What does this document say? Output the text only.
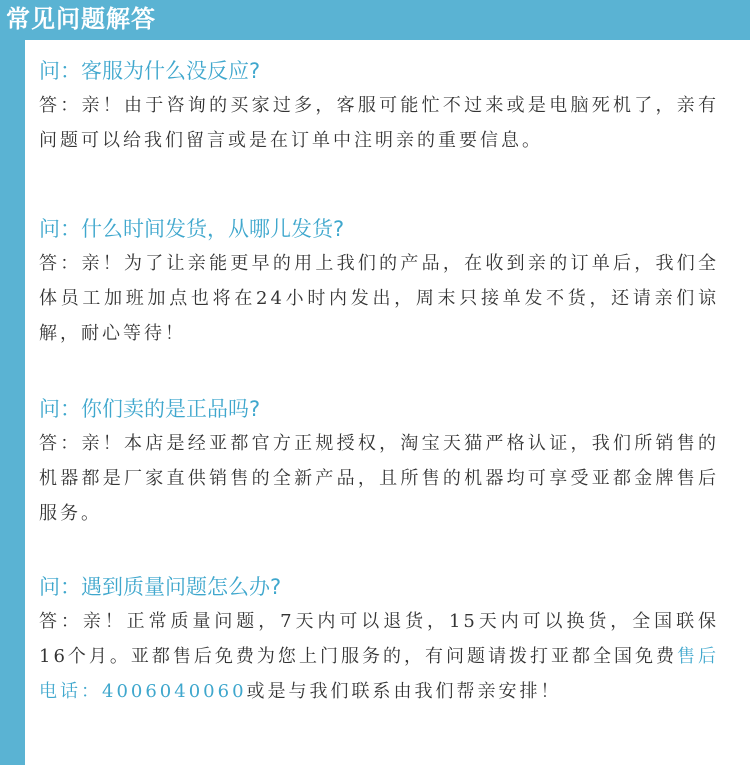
常见问题解答
问：客服为什么没反应?
答：亲！由于咨询的买家过多，客服可能忙不过来或是电脑死机了，亲有问题可以给我们留言或是在订单中注明亲的重要信息。
问：什么时间发货，从哪儿发货?
答：亲！为了让亲能更早的用上我们的产品，在收到亲的订单后，我们全体员工加班加点也将在24小时内发出，周末只接单发不货，还请亲们谅解，耐心等待！
问：你们卖的是正品吗?
答：亲！本店是经亚都官方正规授权，淘宝天猫严格认证，我们所销售的机器都是厂家直供销售的全新产品，且所售的机器均可享受亚都金牌售后服务。
问：遇到质量问题怎么办?
答：亲！正常质量问题，7天内可以退货，15天内可以换货，全国联保16个月。亚都售后免费为您上门服务的，有问题请拨打亚都全国免费售后电话：4006040060或是与我们联系由我们帮亲安排！
